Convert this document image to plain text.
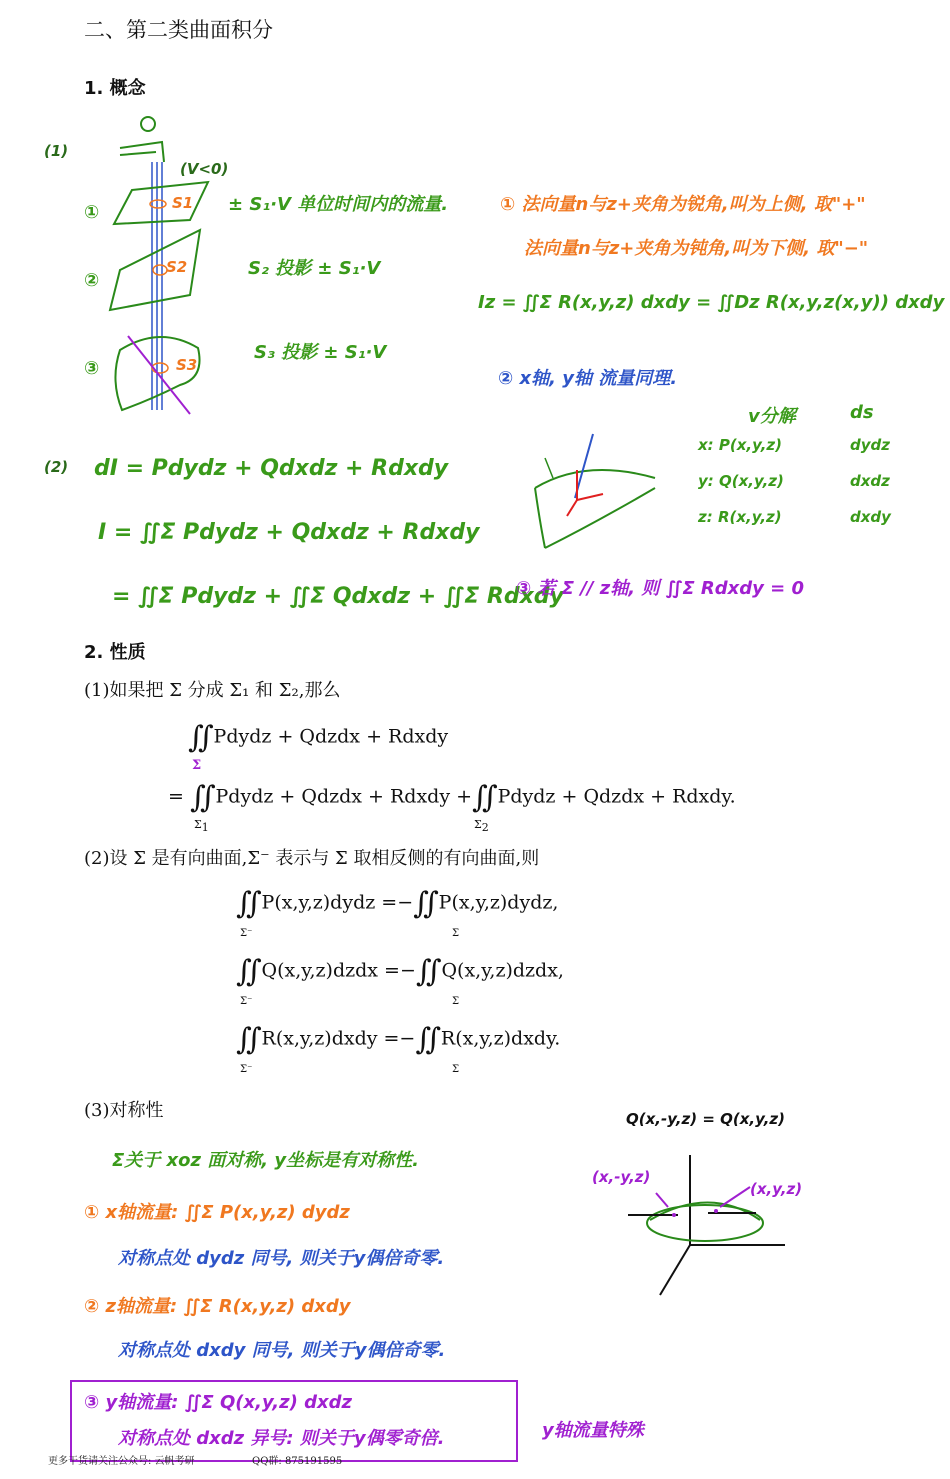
二、第二类曲面积分
1. 概念
(1)
(V<0)
S1
S2
S3
①
②
③
± S₁·V 单位时间内的流量.
S₂ 投影 ± S₁·V
S₃ 投影 ± S₁·V
① 法向量n与z+夹角为锐角,叫为上侧, 取"+"
法向量n与z+夹角为钝角,叫为下侧, 取"−"
Iz = ∬Σ R(x,y,z) dxdy = ∬Dz R(x,y,z(x,y)) dxdy
② x轴, y轴 流量同理.
(2) dI = Pdydz + Qdxdz + Rdxdy
I = ∬Σ Pdydz + Qdxdz + Rdxdy
= ∬Σ Pdydz + ∬Σ Qdxdz + ∬Σ Rdxdy
v分解	ds
x: P(x,y,z)	dydz
y: Q(x,y,z)	dxdz
z: R(x,y,z)	dxdy
③ 若 Σ // z轴, 则 ∬Σ Rdxdy = 0
2. 性质
(1)如果把 Σ 分成 Σ₁ 和 Σ₂,那么
∬Pdydz + Qdzdx + Rdxdy
Σ
= ∬Pdydz + Qdzdx + Rdxdy +∬Pdydz + Qdzdx + Rdxdy.
$\Sigma_1$	$\Sigma_2$
(2)设 Σ 是有向曲面,Σ⁻ 表示与 Σ 取相反侧的有向曲面,则
∬P(x,y,z)dydz =−∬P(x,y,z)dydz,
∬Q(x,y,z)dzdx =−∬Q(x,y,z)dzdx,
∬R(x,y,z)dxdy =−∬R(x,y,z)dxdy.
Σ⁻	Σ
Σ⁻	Σ
Σ⁻	Σ
(3)对称性	Q(x,-y,z) = Q(x,y,z)
(x,-y,z)
(x,y,z)
Σ关于 xoz 面对称, y坐标是有对称性.
① x轴流量: ∬Σ P(x,y,z) dydz
对称点处 dydz 同号, 则关于y偶倍奇零.
② z轴流量: ∬Σ R(x,y,z) dxdy
对称点处 dxdy 同号, 则关于y偶倍奇零.
③ y轴流量: ∬Σ Q(x,y,z) dxdz
对称点处 dxdz 异号: 则关于y偶零奇倍.	y轴流量特殊
更多干货请关注公众号: 云帆考研	QQ群: 875191595
